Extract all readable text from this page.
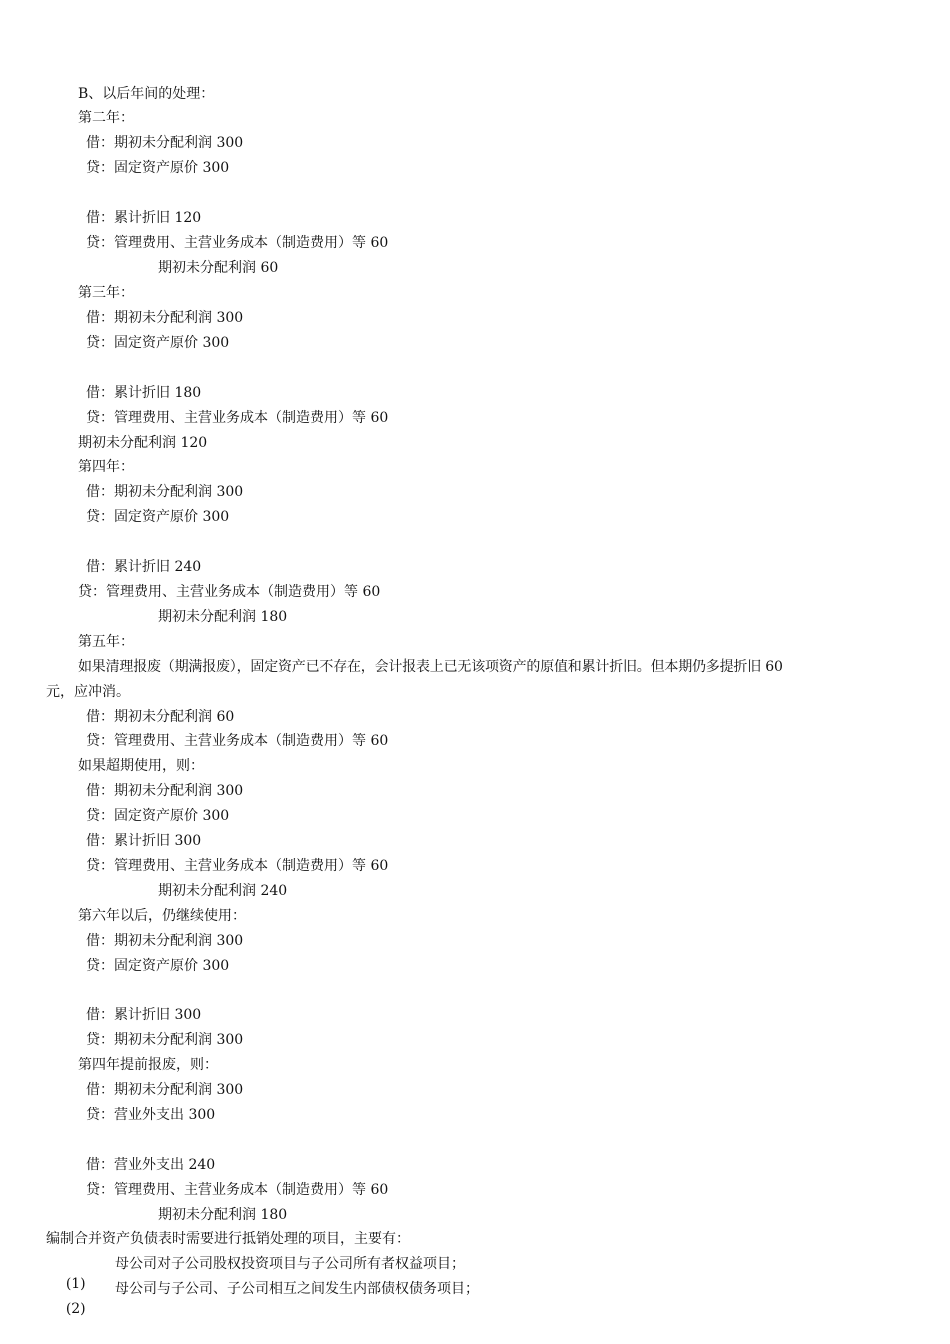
B、以后年间的处理：
第二年：
借：期初未分配利润 300
贷：固定资产原价 300
借：累计折旧 120
贷：管理费用、主营业务成本（制造费用）等 60
期初未分配利润 60
第三年：
借：期初未分配利润 300
贷：固定资产原价 300
借：累计折旧 180
贷：管理费用、主营业务成本（制造费用）等 60
期初未分配利润 120
第四年：
借：期初未分配利润 300
贷：固定资产原价 300
借：累计折旧 240
贷：管理费用、主营业务成本（制造费用）等 60
期初未分配利润 180
第五年：
如果清理报废（期满报废），固定资产已不存在，会计报表上已无该项资产的原值和累计折旧。但本期仍多提折旧 60
元，应冲消。
借：期初未分配利润 60
贷：管理费用、主营业务成本（制造费用）等 60
如果超期使用，则：
借：期初未分配利润 300
贷：固定资产原价 300
借：累计折旧 300
贷：管理费用、主营业务成本（制造费用）等 60
期初未分配利润 240
第六年以后，仍继续使用：
借：期初未分配利润 300
贷：固定资产原价 300
借：累计折旧 300
贷：期初未分配利润 300
第四年提前报废，则：
借：期初未分配利润 300
贷：营业外支出 300
借：营业外支出 240
贷：管理费用、主营业务成本（制造费用）等 60
期初未分配利润 180
编制合并资产负债表时需要进行抵销处理的项目，主要有：

(1)

母公司对子公司股权投资项目与子公司所有者权益项目；

(2)

母公司与子公司、子公司相互之间发生内部债权债务项目；
